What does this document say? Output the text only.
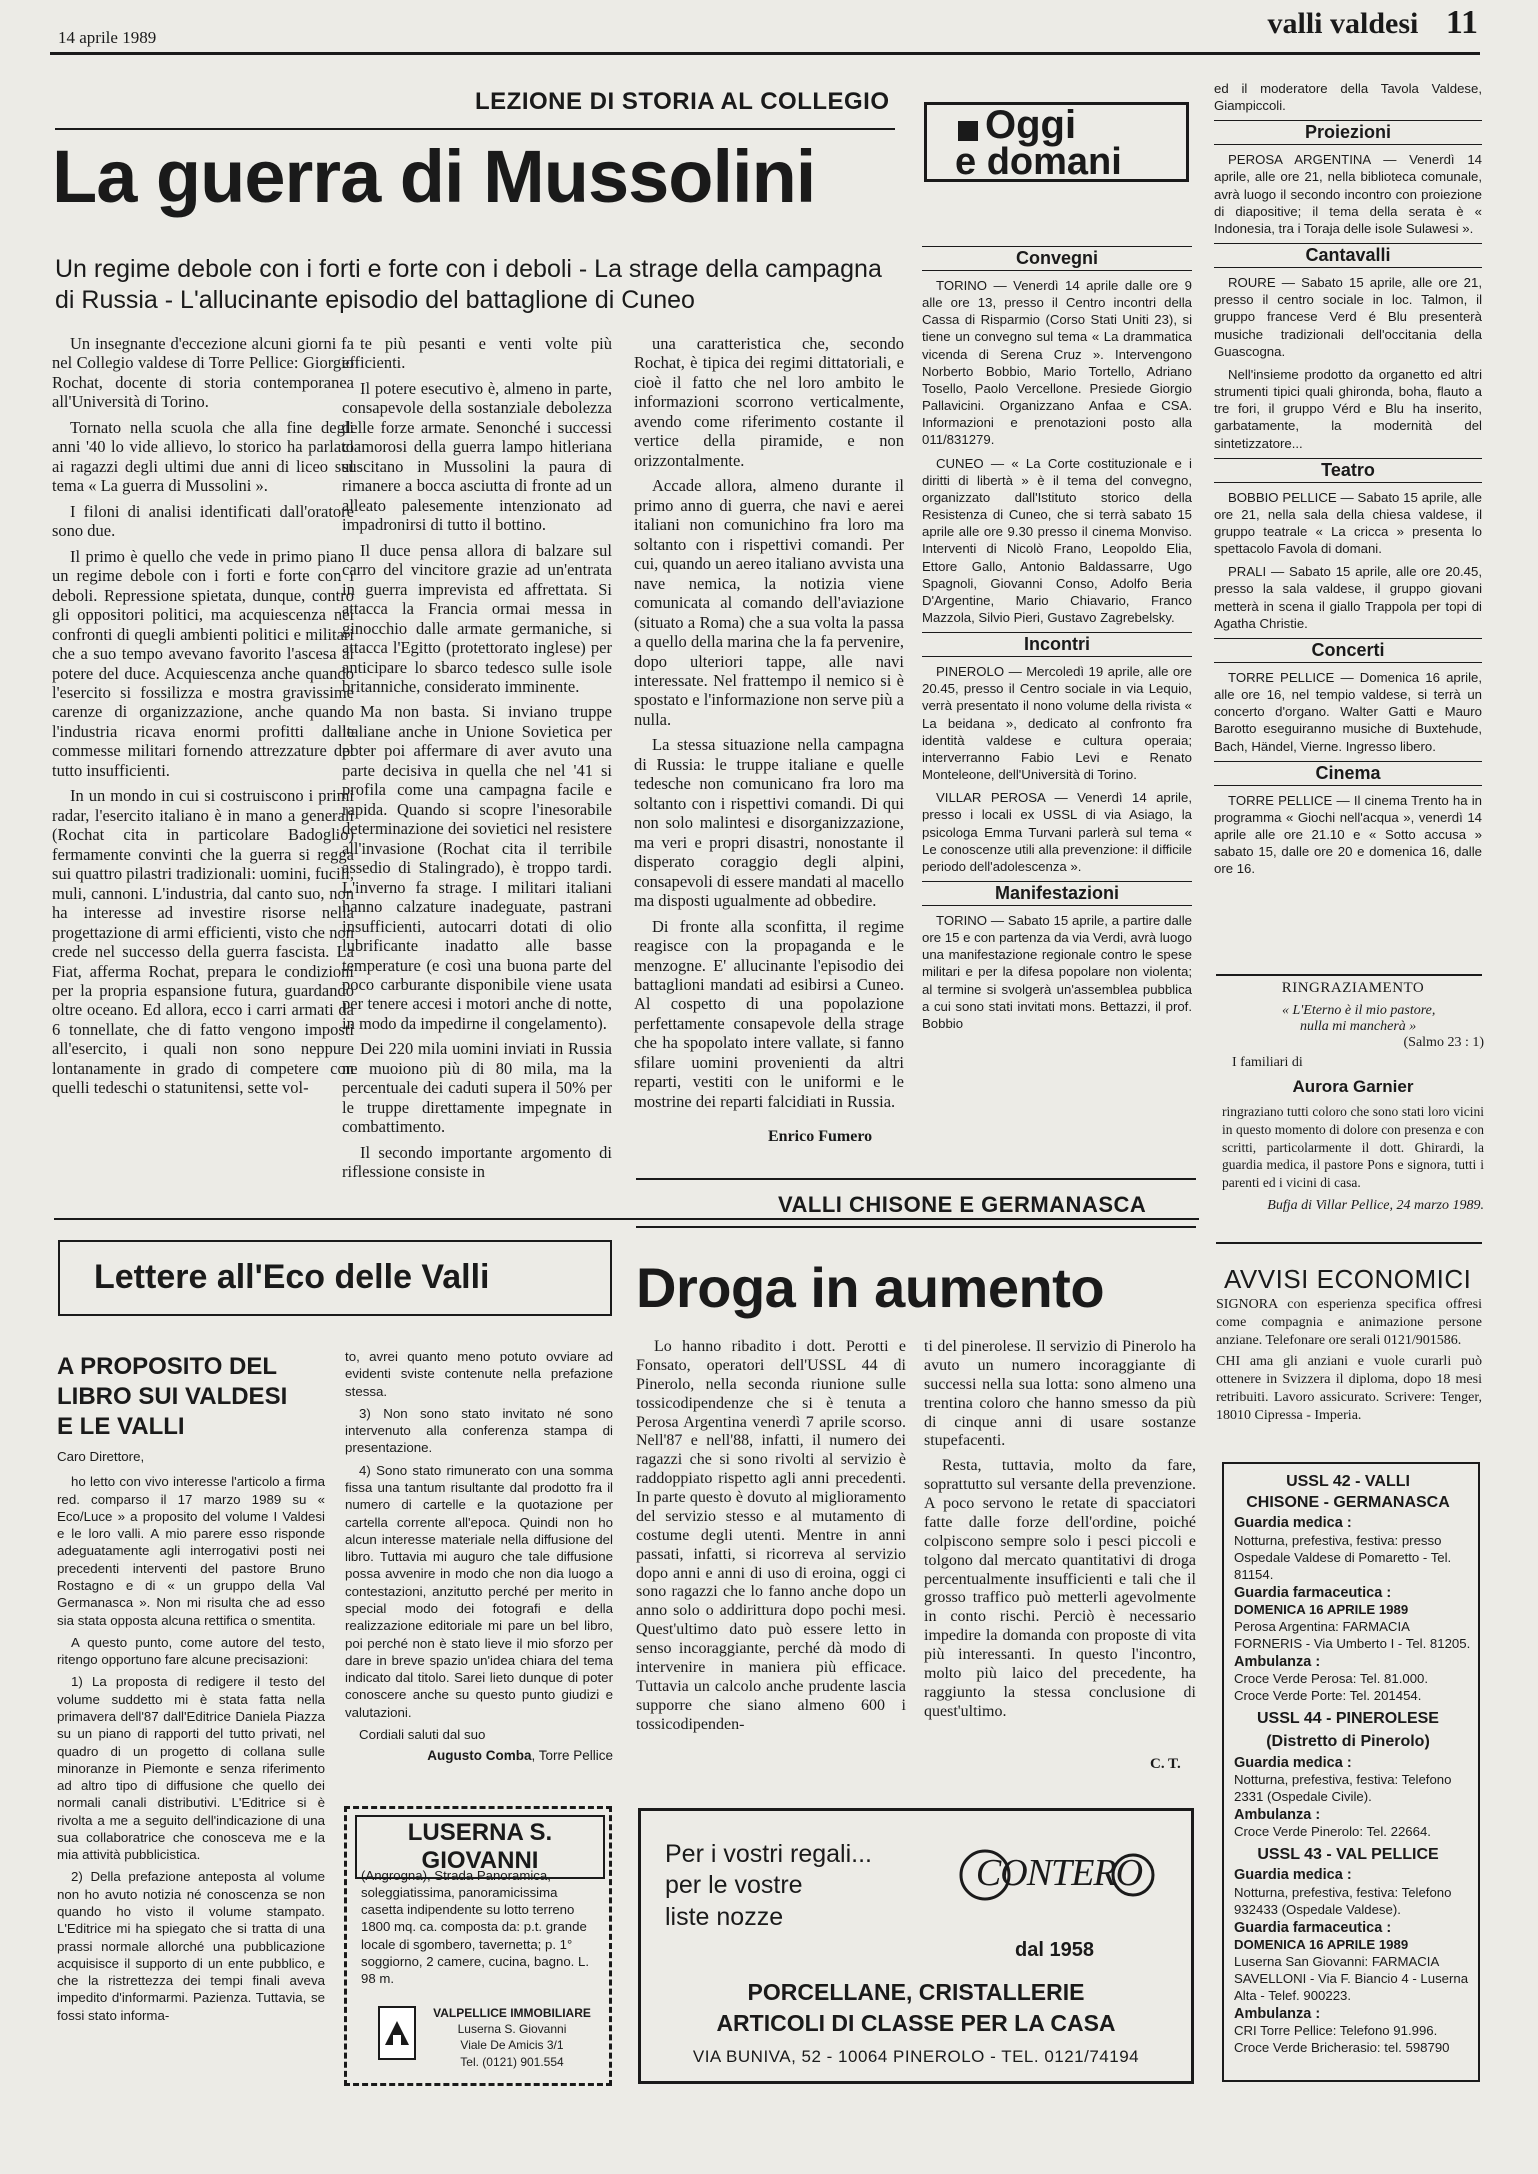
14 aprile 1989	valli valdesi 11
LEZIONE DI STORIA AL COLLEGIO
La guerra di Mussolini
Un regime debole con i forti e forte con i deboli - La strage della campagna di Russia - L'allucinante episodio del battaglione di Cuneo

Un insegnante d'eccezione alcuni giorni fa nel Collegio valdese di Torre Pellice: Giorgio Rochat, docente di storia contemporanea all'Università di Torino.

Tornato nella scuola che alla fine degli anni '40 lo vide allievo, lo storico ha parlato ai ragazzi degli ultimi due anni di liceo sul tema « La guerra di Mussolini ».

I filoni di analisi identificati dall'oratore sono due.

Il primo è quello che vede in primo piano un regime debole con i forti e forte con i deboli. Repressione spietata, dunque, contro gli oppositori politici, ma acquiescenza nei confronti di quegli ambienti politici e militari che a suo tempo avevano favorito l'ascesa al potere del duce. Acquiescenza anche quando l'esercito si fossilizza e mostra gravissime carenze di organizzazione, anche quando l'industria ricava enormi profitti dalle commesse militari fornendo attrezzature del tutto insufficienti.

In un mondo in cui si costruiscono i primi radar, l'esercito italiano è in mano a generali (Rochat cita in particolare Badoglio) fermamente convinti che la guerra si regga sui quattro pilastri tradizionali: uomini, fucili, muli, cannoni. L'industria, dal canto suo, non ha interesse ad investire risorse nella progettazione di armi efficienti, visto che non crede nel successo della guerra fascista. La Fiat, afferma Rochat, prepara le condizioni per la propria espansione futura, guardando oltre oceano. Ed allora, ecco i carri armati da 6 tonnellate, che di fatto vengono imposti all'esercito, i quali non sono neppure lontanamente in grado di competere con quelli tedeschi o statunitensi, sette vol-

te più pesanti e venti volte più efficienti.

Il potere esecutivo è, almeno in parte, consapevole della sostanziale debolezza delle forze armate. Senonché i successi clamorosi della guerra lampo hitleriana suscitano in Mussolini la paura di rimanere a bocca asciutta di fronte ad un alleato palesemente intenzionato ad impadronirsi di tutto il bottino.

Il duce pensa allora di balzare sul carro del vincitore grazie ad un'entrata in guerra imprevista ed affrettata. Si attacca la Francia ormai messa in ginocchio dalle armate germaniche, si attacca l'Egitto (protettorato inglese) per anticipare lo sbarco tedesco sulle isole britanniche, considerato imminente.

Ma non basta. Si inviano truppe italiane anche in Unione Sovietica per poter poi affermare di aver avuto una parte decisiva in quella che nel '41 si profila come una campagna facile e rapida. Quando si scopre l'inesorabile determinazione dei sovietici nel resistere all'invasione (Rochat cita il terribile assedio di Stalingrado), è troppo tardi. L'inverno fa strage. I militari italiani hanno calzature inadeguate, pastrani insufficienti, autocarri dotati di olio lubrificante inadatto alle basse temperature (e così una buona parte del poco carburante disponibile viene usata per tenere accesi i motori anche di notte, in modo da impedirne il congelamento).

Dei 220 mila uomini inviati in Russia ne muoiono più di 80 mila, ma la percentuale dei caduti supera il 50% per le truppe direttamente impegnate in combattimento.

Il secondo importante argomento di riflessione consiste in

una caratteristica che, secondo Rochat, è tipica dei regimi dittatoriali, e cioè il fatto che nel loro ambito le informazioni scorrono verticalmente, avendo come riferimento costante il vertice della piramide, e non orizzontalmente.

Accade allora, almeno durante il primo anno di guerra, che navi e aerei italiani non comunichino fra loro ma soltanto con i rispettivi comandi. Per cui, quando un aereo italiano avvista una nave nemica, la notizia viene comunicata al comando dell'aviazione (situato a Roma) che a sua volta la passa a quello della marina che la fa pervenire, dopo ulteriori tappe, alle navi interessate. Nel frattempo il nemico si è spostato e l'informazione non serve più a nulla.

La stessa situazione nella campagna di Russia: le truppe italiane e quelle tedesche non comunicano fra loro ma soltanto con i rispettivi comandi. Di qui non solo malintesi e disorganizzazione, ma veri e propri disastri, nonostante il disperato coraggio degli alpini, consapevoli di essere mandati al macello ma disposti ugualmente ad obbedire.

Di fronte alla sconfitta, il regime reagisce con la propaganda e le menzogne. E' allucinante l'episodio dei battaglioni mandati ad esibirsi a Cuneo. Al cospetto di una popolazione perfettamente consapevole della strage che ha spopolato intere vallate, si fanno sfilare uomini provenienti da altri reparti, vestiti con le uniformi e le mostrine dei reparti falcidiati in Russia.

Enrico Fumero
Oggi
e domani
Convegni

TORINO — Venerdì 14 aprile dalle ore 9 alle ore 13, presso il Centro incontri della Cassa di Risparmio (Corso Stati Uniti 23), si tiene un convegno sul tema « La drammatica vicenda di Serena Cruz ». Intervengono Norberto Bobbio, Mario Tortello, Adriano Tosello, Paolo Vercellone. Presiede Giorgio Pallavicini. Organizzano Anfaa e CSA. Informazioni e prenotazioni posto alla 011/831279.

CUNEO — « La Corte costituzionale e i diritti di libertà » è il tema del convegno, organizzato dall'Istituto storico della Resistenza di Cuneo, che si terrà sabato 15 aprile alle ore 9.30 presso il cinema Monviso. Interventi di Nicolò Frano, Leopoldo Elia, Ettore Gallo, Antonio Baldassarre, Ugo Spagnoli, Giovanni Conso, Adolfo Beria D'Argentine, Mario Chiavario, Franco Mazzola, Silvio Pieri, Gustavo Zagrebelsky.

Incontri

PINEROLO — Mercoledì 19 aprile, alle ore 20.45, presso il Centro sociale in via Lequio, verrà presentato il nono volume della rivista « La beidana », dedicato al confronto fra identità valdese e cultura operaia; interverranno Fabio Levi e Renato Monteleone, dell'Università di Torino.

VILLAR PEROSA — Venerdì 14 aprile, presso i locali ex USSL di via Asiago, la psicologa Emma Turvani parlerà sul tema « Le conoscenze utili alla prevenzione: il difficile periodo dell'adolescenza ».

Manifestazioni

TORINO — Sabato 15 aprile, a partire dalle ore 15 e con partenza da via Verdi, avrà luogo una manifestazione regionale contro le spese militari e per la difesa popolare non violenta; al termine si svolgerà un'assemblea pubblica a cui sono stati invitati mons. Bettazzi, il prof. Bobbio

ed il moderatore della Tavola Valdese, Giampiccoli.

Proiezioni

PEROSA ARGENTINA — Venerdì 14 aprile, alle ore 21, nella biblioteca comunale, avrà luogo il secondo incontro con proiezione di diapositive; il tema della serata è « Indonesia, tra i Toraja delle isole Sulawesi ».

Cantavalli

ROURE — Sabato 15 aprile, alle ore 21, presso il centro sociale in loc. Talmon, il gruppo francese Verd é Blu presenterà musiche tradizionali dell'occitania della Guascogna.

Nell'insieme prodotto da organetto ed altri strumenti tipici quali ghironda, boha, flauto a tre fori, il gruppo Vérd e Blu ha inserito, garbatamente, la modernità del sintetizzatore...

Teatro

BOBBIO PELLICE — Sabato 15 aprile, alle ore 21, nella sala della chiesa valdese, il gruppo teatrale « La cricca » presenta lo spettacolo Favola di domani.

PRALI — Sabato 15 aprile, alle ore 20.45, presso la sala valdese, il gruppo giovani metterà in scena il giallo Trappola per topi di Agatha Christie.

Concerti

TORRE PELLICE — Domenica 16 aprile, alle ore 16, nel tempio valdese, si terrà un concerto d'organo. Walter Gatti e Mauro Barotto eseguiranno musiche di Buxtehude, Bach, Händel, Vierne. Ingresso libero.

Cinema

TORRE PELLICE — Il cinema Trento ha in programma « Giochi nell'acqua », venerdì 14 aprile alle ore 21.10 e « Sotto accusa » sabato 15, dalle ore 20 e domenica 16, dalle ore 16.

RINGRAZIAMENTO
« L'Eterno è il mio pastore,
nulla mi mancherà »
(Salmo 23 : 1)
I familiari di
Aurora Garnier
ringraziano tutti coloro che sono stati loro vicini in questo momento di dolore con presenza e con scritti, particolarmente il dott. Ghirardi, la guardia medica, il pastore Pons e signora, tutti i parenti ed i vicini di casa.
Bufja di Villar Pellice, 24 marzo 1989.
AVVISI ECONOMICI

SIGNORA con esperienza specifica offresi come compagnia e animazione persone anziane. Telefonare ore serali 0121/901586.

CHI ama gli anziani e vuole curarli può ottenere in Svizzera il diploma, dopo 18 mesi retribuiti. Lavoro assicurato. Scrivere: Tenger, 18010 Cipressa - Imperia.

USSL 42 - VALLI
CHISONE - GERMANASCA
Guardia medica :
Notturna, prefestiva, festiva: presso Ospedale Valdese di Pomaretto - Tel. 81154.
Guardia farmaceutica :
DOMENICA 16 APRILE 1989
Perosa Argentina: FARMACIA FORNERIS - Via Umberto I - Tel. 81205.
Ambulanza :
Croce Verde Perosa: Tel. 81.000.
Croce Verde Porte: Tel. 201454.
USSL 44 - PINEROLESE
(Distretto di Pinerolo)
Guardia medica :
Notturna, prefestiva, festiva: Telefono 2331 (Ospedale Civile).
Ambulanza :
Croce Verde Pinerolo: Tel. 22664.
USSL 43 - VAL PELLICE
Guardia medica :
Notturna, prefestiva, festiva: Telefono 932433 (Ospedale Valdese).
Guardia farmaceutica :
DOMENICA 16 APRILE 1989
Luserna San Giovanni: FARMACIA SAVELLONI - Via F. Biancio 4 - Luserna Alta - Telef. 900223.
Ambulanza :
CRI Torre Pellice: Telefono 91.996.
Croce Verde Bricherasio: tel. 598790
Lettere all'Eco delle Valli
A PROPOSITO DEL LIBRO SUI VALDESI E LE VALLI
Caro Direttore,

ho letto con vivo interesse l'articolo a firma red. comparso il 17 marzo 1989 su « Eco/Luce » a proposito del volume I Valdesi e le loro valli. A mio parere esso risponde adeguatamente agli interrogativi posti nei precedenti interventi del pastore Bruno Rostagno e di « un gruppo della Val Germanasca ». Non mi risulta che ad esso sia stata opposta alcuna rettifica o smentita.

A questo punto, come autore del testo, ritengo opportuno fare alcune precisazioni:

1) La proposta di redigere il testo del volume suddetto mi è stata fatta nella primavera dell'87 dall'Editrice Daniela Piazza su un piano di rapporti del tutto privati, nel quadro di un progetto di collana sulle minoranze in Piemonte e senza riferimento ad altro tipo di diffusione che quello dei normali canali distributivi. L'Editrice si è rivolta a me a seguito dell'indicazione di una sua collaboratrice che conosceva me e la mia attività pubblicistica.

2) Della prefazione anteposta al volume non ho avuto notizia né conoscenza se non quando ho visto il volume stampato. L'Editrice mi ha spiegato che si tratta di una prassi normale allorché una pubblicazione acquisisce il supporto di un ente pubblico, e che la ristrettezza dei tempi finali aveva impedito d'informarmi. Pazienza. Tuttavia, se fossi stato informa-

to, avrei quanto meno potuto ovviare ad evidenti sviste contenute nella prefazione stessa.

3) Non sono stato invitato né sono intervenuto alla conferenza stampa di presentazione.

4) Sono stato rimunerato con una somma fissa una tantum risultante dal prodotto fra il numero di cartelle e la quotazione per cartella corrente all'epoca. Quindi non ho alcun interesse materiale nella diffusione del libro. Tuttavia mi auguro che tale diffusione possa avvenire in modo che non dia luogo a contestazioni, anzitutto perché per merito in special modo dei fotografi e della realizzazione editoriale mi pare un bel libro, poi perché non è stato lieve il mio sforzo per dare in breve spazio un'idea chiara del tema indicato dal titolo. Sarei lieto dunque di poter conoscere anche su questo punto giudizi e valutazioni.

Cordiali saluti dal suo

Augusto Comba, Torre Pellice
LUSERNA S. GIOVANNI
(Angrogna), Strada Panoramica, soleggiatissima, panoramicissima casetta indipendente su lotto terreno 1800 mq. ca. composta da: p.t. grande locale di sgombero, tavernetta; p. 1° soggiorno, 2 camere, cucina, bagno. L. 98 m.
VALPELLICE IMMOBILIARE
Luserna S. Giovanni
Viale De Amicis 3/1
Tel. (0121) 901.554
VALLI CHISONE E GERMANASCA
Droga in aumento

Lo hanno ribadito i dott. Perotti e Fonsato, operatori dell'USSL 44 di Pinerolo, nella seconda riunione sulle tossicodipendenze che si è tenuta a Perosa Argentina venerdì 7 aprile scorso. Nell'87 e nell'88, infatti, il numero dei ragazzi che si sono rivolti al servizio è raddoppiato rispetto agli anni precedenti. In parte questo è dovuto al miglioramento del servizio stesso e al mutamento di costume degli utenti. Mentre in anni passati, infatti, si ricorreva al servizio dopo anni e anni di uso di eroina, oggi ci sono ragazzi che lo fanno anche dopo un anno solo o addirittura dopo pochi mesi. Quest'ultimo dato può essere letto in senso incoraggiante, perché dà modo di intervenire in maniera più efficace. Tuttavia un calcolo anche prudente lascia supporre che siano almeno 600 i tossicodipenden-

ti del pinerolese. Il servizio di Pinerolo ha avuto un numero incoraggiante di successi nella sua lotta: sono almeno una trentina coloro che hanno smesso da più di cinque anni di usare sostanze stupefacenti.

Resta, tuttavia, molto da fare, soprattutto sul versante della prevenzione. A poco servono le retate di spacciatori fatte dalle forze dell'ordine, poiché colpiscono sempre solo i pesci piccoli e tolgono dal mercato quantitativi di droga percentualmente insufficienti e tali che il grosso traffico può metterli agevolmente in conto rischi. Perciò è necessario impedire la domanda con proposte di vita più interessanti. In questo l'incontro, molto più laico del precedente, ha raggiunto la stessa conclusione di quest'ultimo.

C. T.
Per i vostri regali...
per le vostre
liste nozze
CONTERO
dal 1958
PORCELLANE, CRISTALLERIE
ARTICOLI DI CLASSE PER LA CASA
VIA BUNIVA, 52 - 10064 PINEROLO - TEL. 0121/74194
